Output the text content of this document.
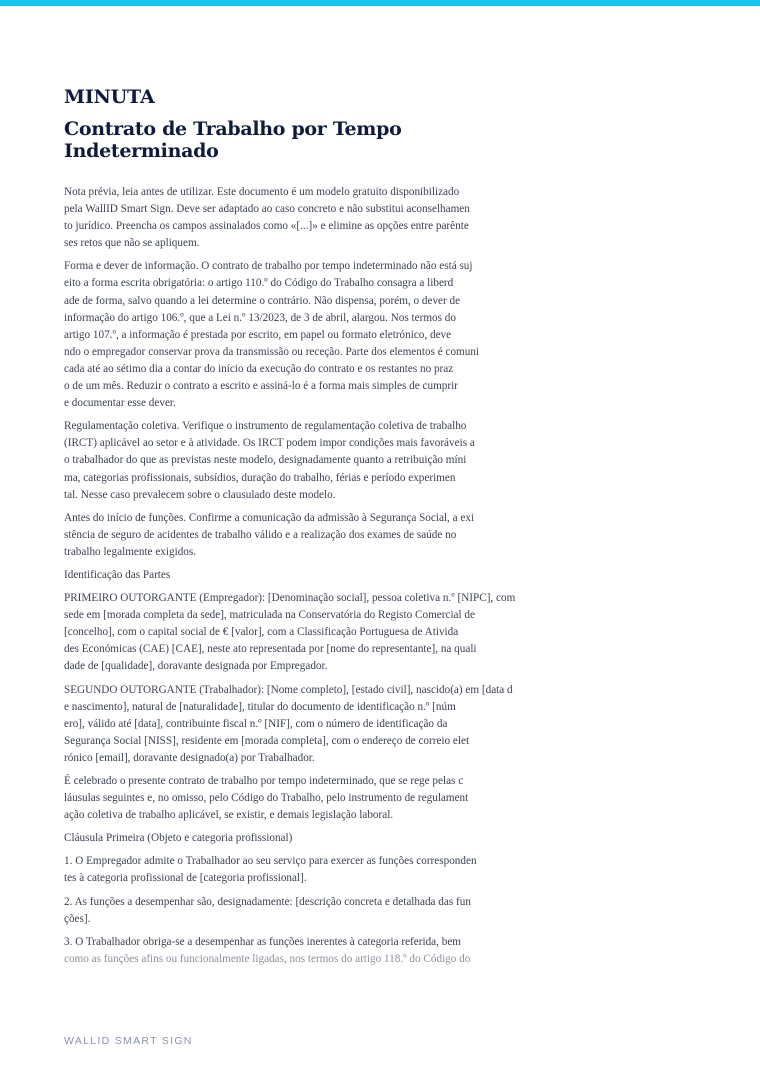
MINUTA
Contrato de Trabalho por Tempo Indeterminado
Nota prévia, leia antes de utilizar. Este documento é um modelo gratuito disponibilizado
pela WallID Smart Sign. Deve ser adaptado ao caso concreto e não substitui aconselhamen
to jurídico. Preencha os campos assinalados como «[...]» e elimine as opções entre parênte
ses retos que não se apliquem.
Forma e dever de informação. O contrato de trabalho por tempo indeterminado não está suj
eito a forma escrita obrigatória: o artigo 110.º do Código do Trabalho consagra a liberd
ade de forma, salvo quando a lei determine o contrário. Não dispensa, porém, o dever de
informação do artigo 106.º, que a Lei n.º 13/2023, de 3 de abril, alargou. Nos termos do
artigo 107.º, a informação é prestada por escrito, em papel ou formato eletrónico, deve
ndo o empregador conservar prova da transmissão ou receção. Parte dos elementos é comuni
cada até ao sétimo dia a contar do início da execução do contrato e os restantes no praz
o de um mês. Reduzir o contrato a escrito e assiná-lo é a forma mais simples de cumprir
e documentar esse dever.
Regulamentação coletiva. Verifique o instrumento de regulamentação coletiva de trabalho
(IRCT) aplicável ao setor e à atividade. Os IRCT podem impor condições mais favoráveis a
o trabalhador do que as previstas neste modelo, designadamente quanto a retribuição míni
ma, categorias profissionais, subsídios, duração do trabalho, férias e período experimen
tal. Nesse caso prevalecem sobre o clausulado deste modelo.
Antes do início de funções. Confirme a comunicação da admissão à Segurança Social, a exi
stência de seguro de acidentes de trabalho válido e a realização dos exames de saúde no
trabalho legalmente exigidos.
Identificação das Partes
PRIMEIRO OUTORGANTE (Empregador): [Denominação social], pessoa coletiva n.º [NIPC], com
sede em [morada completa da sede], matriculada na Conservatória do Registo Comercial de
[concelho], com o capital social de € [valor], com a Classificação Portuguesa de Ativida
des Económicas (CAE) [CAE], neste ato representada por [nome do representante], na quali
dade de [qualidade], doravante designada por Empregador.
SEGUNDO OUTORGANTE (Trabalhador): [Nome completo], [estado civil], nascido(a) em [data d
e nascimento], natural de [naturalidade], titular do documento de identificação n.º [núm
ero], válido até [data], contribuinte fiscal n.º [NIF], com o número de identificação da
Segurança Social [NISS], residente em [morada completa], com o endereço de correio elet
rónico [email], doravante designado(a) por Trabalhador.
É celebrado o presente contrato de trabalho por tempo indeterminado, que se rege pelas c
láusulas seguintes e, no omisso, pelo Código do Trabalho, pelo instrumento de regulament
ação coletiva de trabalho aplicável, se existir, e demais legislação laboral.
Cláusula Primeira (Objeto e categoria profissional)
1. O Empregador admite o Trabalhador ao seu serviço para exercer as funções corresponden
tes à categoria profissional de [categoria profissional].
2. As funções a desempenhar são, designadamente: [descrição concreta e detalhada das fun
ções].
3. O Trabalhador obriga-se a desempenhar as funções inerentes à categoria referida, bem
como as funções afins ou funcionalmente ligadas, nos termos do artigo 118.º do Código do
WALLID SMART SIGN
